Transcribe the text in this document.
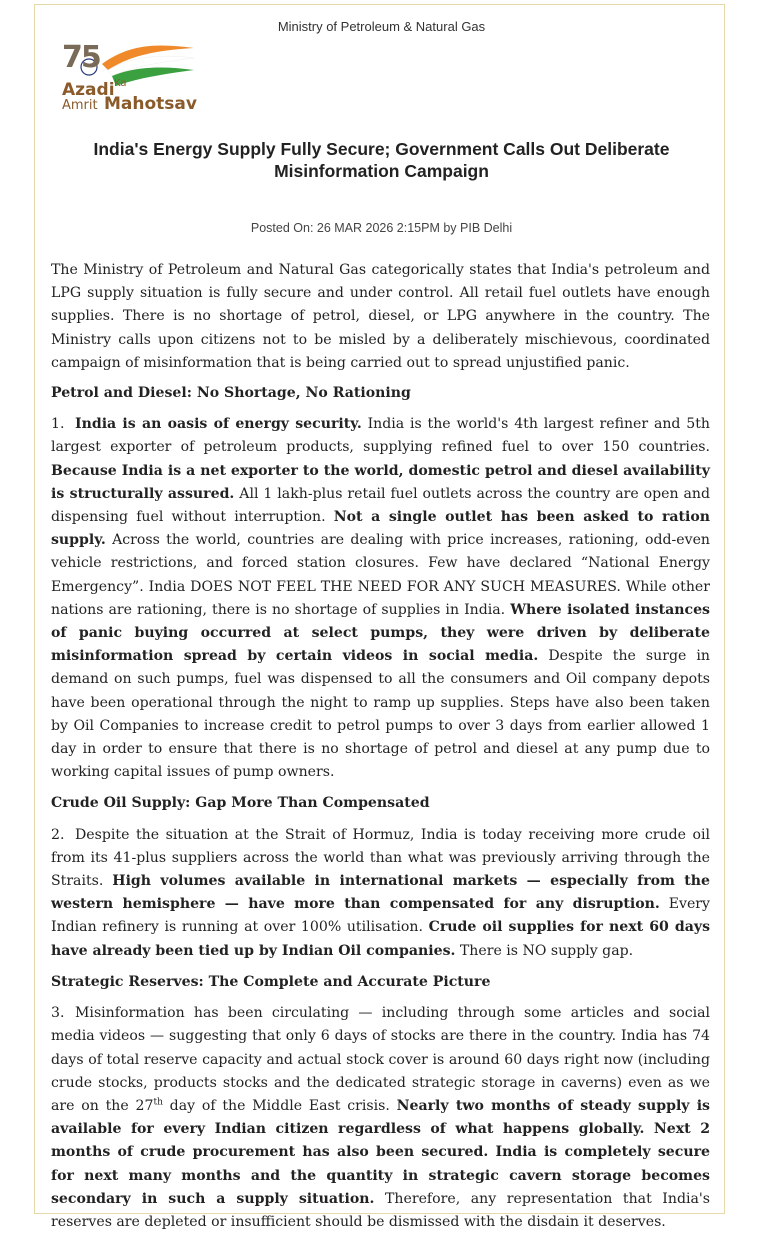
Ministry of Petroleum & Natural Gas
75
Azadi Ka
Amrit Mahotsav
India's Energy Supply Fully Secure; Government Calls Out Deliberate Misinformation Campaign
Posted On: 26 MAR 2026 2:15PM by PIB Delhi

The Ministry of Petroleum and Natural Gas categorically states that India's petroleum and LPG supply situation is fully secure and under control. All retail fuel outlets have enough supplies. There is no shortage of petrol, diesel, or LPG anywhere in the country. The Ministry calls upon citizens not to be misled by a deliberately mischievous, coordinated campaign of misinformation that is being carried out to spread unjustified panic.

Petrol and Diesel: No Shortage, No Rationing

1. India is an oasis of energy security. India is the world's 4th largest refiner and 5th largest exporter of petroleum products, supplying refined fuel to over 150 countries. Because India is a net exporter to the world, domestic petrol and diesel availability is structurally assured. All 1 lakh-plus retail fuel outlets across the country are open and dispensing fuel without interruption. Not a single outlet has been asked to ration supply. Across the world, countries are dealing with price increases, rationing, odd-even vehicle restrictions, and forced station closures. Few have declared “National Energy Emergency”. India DOES NOT FEEL THE NEED FOR ANY SUCH MEASURES. While other nations are rationing, there is no shortage of supplies in India. Where isolated instances of panic buying occurred at select pumps, they were driven by deliberate misinformation spread by certain videos in social media. Despite the surge in demand on such pumps, fuel was dispensed to all the consumers and Oil company depots have been operational through the night to ramp up supplies. Steps have also been taken by Oil Companies to increase credit to petrol pumps to over 3 days from earlier allowed 1 day in order to ensure that there is no shortage of petrol and diesel at any pump due to working capital issues of pump owners.

Crude Oil Supply: Gap More Than Compensated

2. Despite the situation at the Strait of Hormuz, India is today receiving more crude oil from its 41-plus suppliers across the world than what was previously arriving through the Straits. High volumes available in international markets — especially from the western hemisphere — have more than compensated for any disruption. Every Indian refinery is running at over 100% utilisation. Crude oil supplies for next 60 days have already been tied up by Indian Oil companies. There is NO supply gap.

Strategic Reserves: The Complete and Accurate Picture

3. Misinformation has been circulating — including through some articles and social media videos — suggesting that only 6 days of stocks are there in the country. India has 74 days of total reserve capacity and actual stock cover is around 60 days right now (including crude stocks, products stocks and the dedicated strategic storage in caverns) even as we are on the 27th day of the Middle East crisis. Nearly two months of steady supply is available for every Indian citizen regardless of what happens globally. Next 2 months of crude procurement has also been secured. India is completely secure for next many months and the quantity in strategic cavern storage becomes secondary in such a supply situation. Therefore, any representation that India's reserves are depleted or insufficient should be dismissed with the disdain it deserves.
